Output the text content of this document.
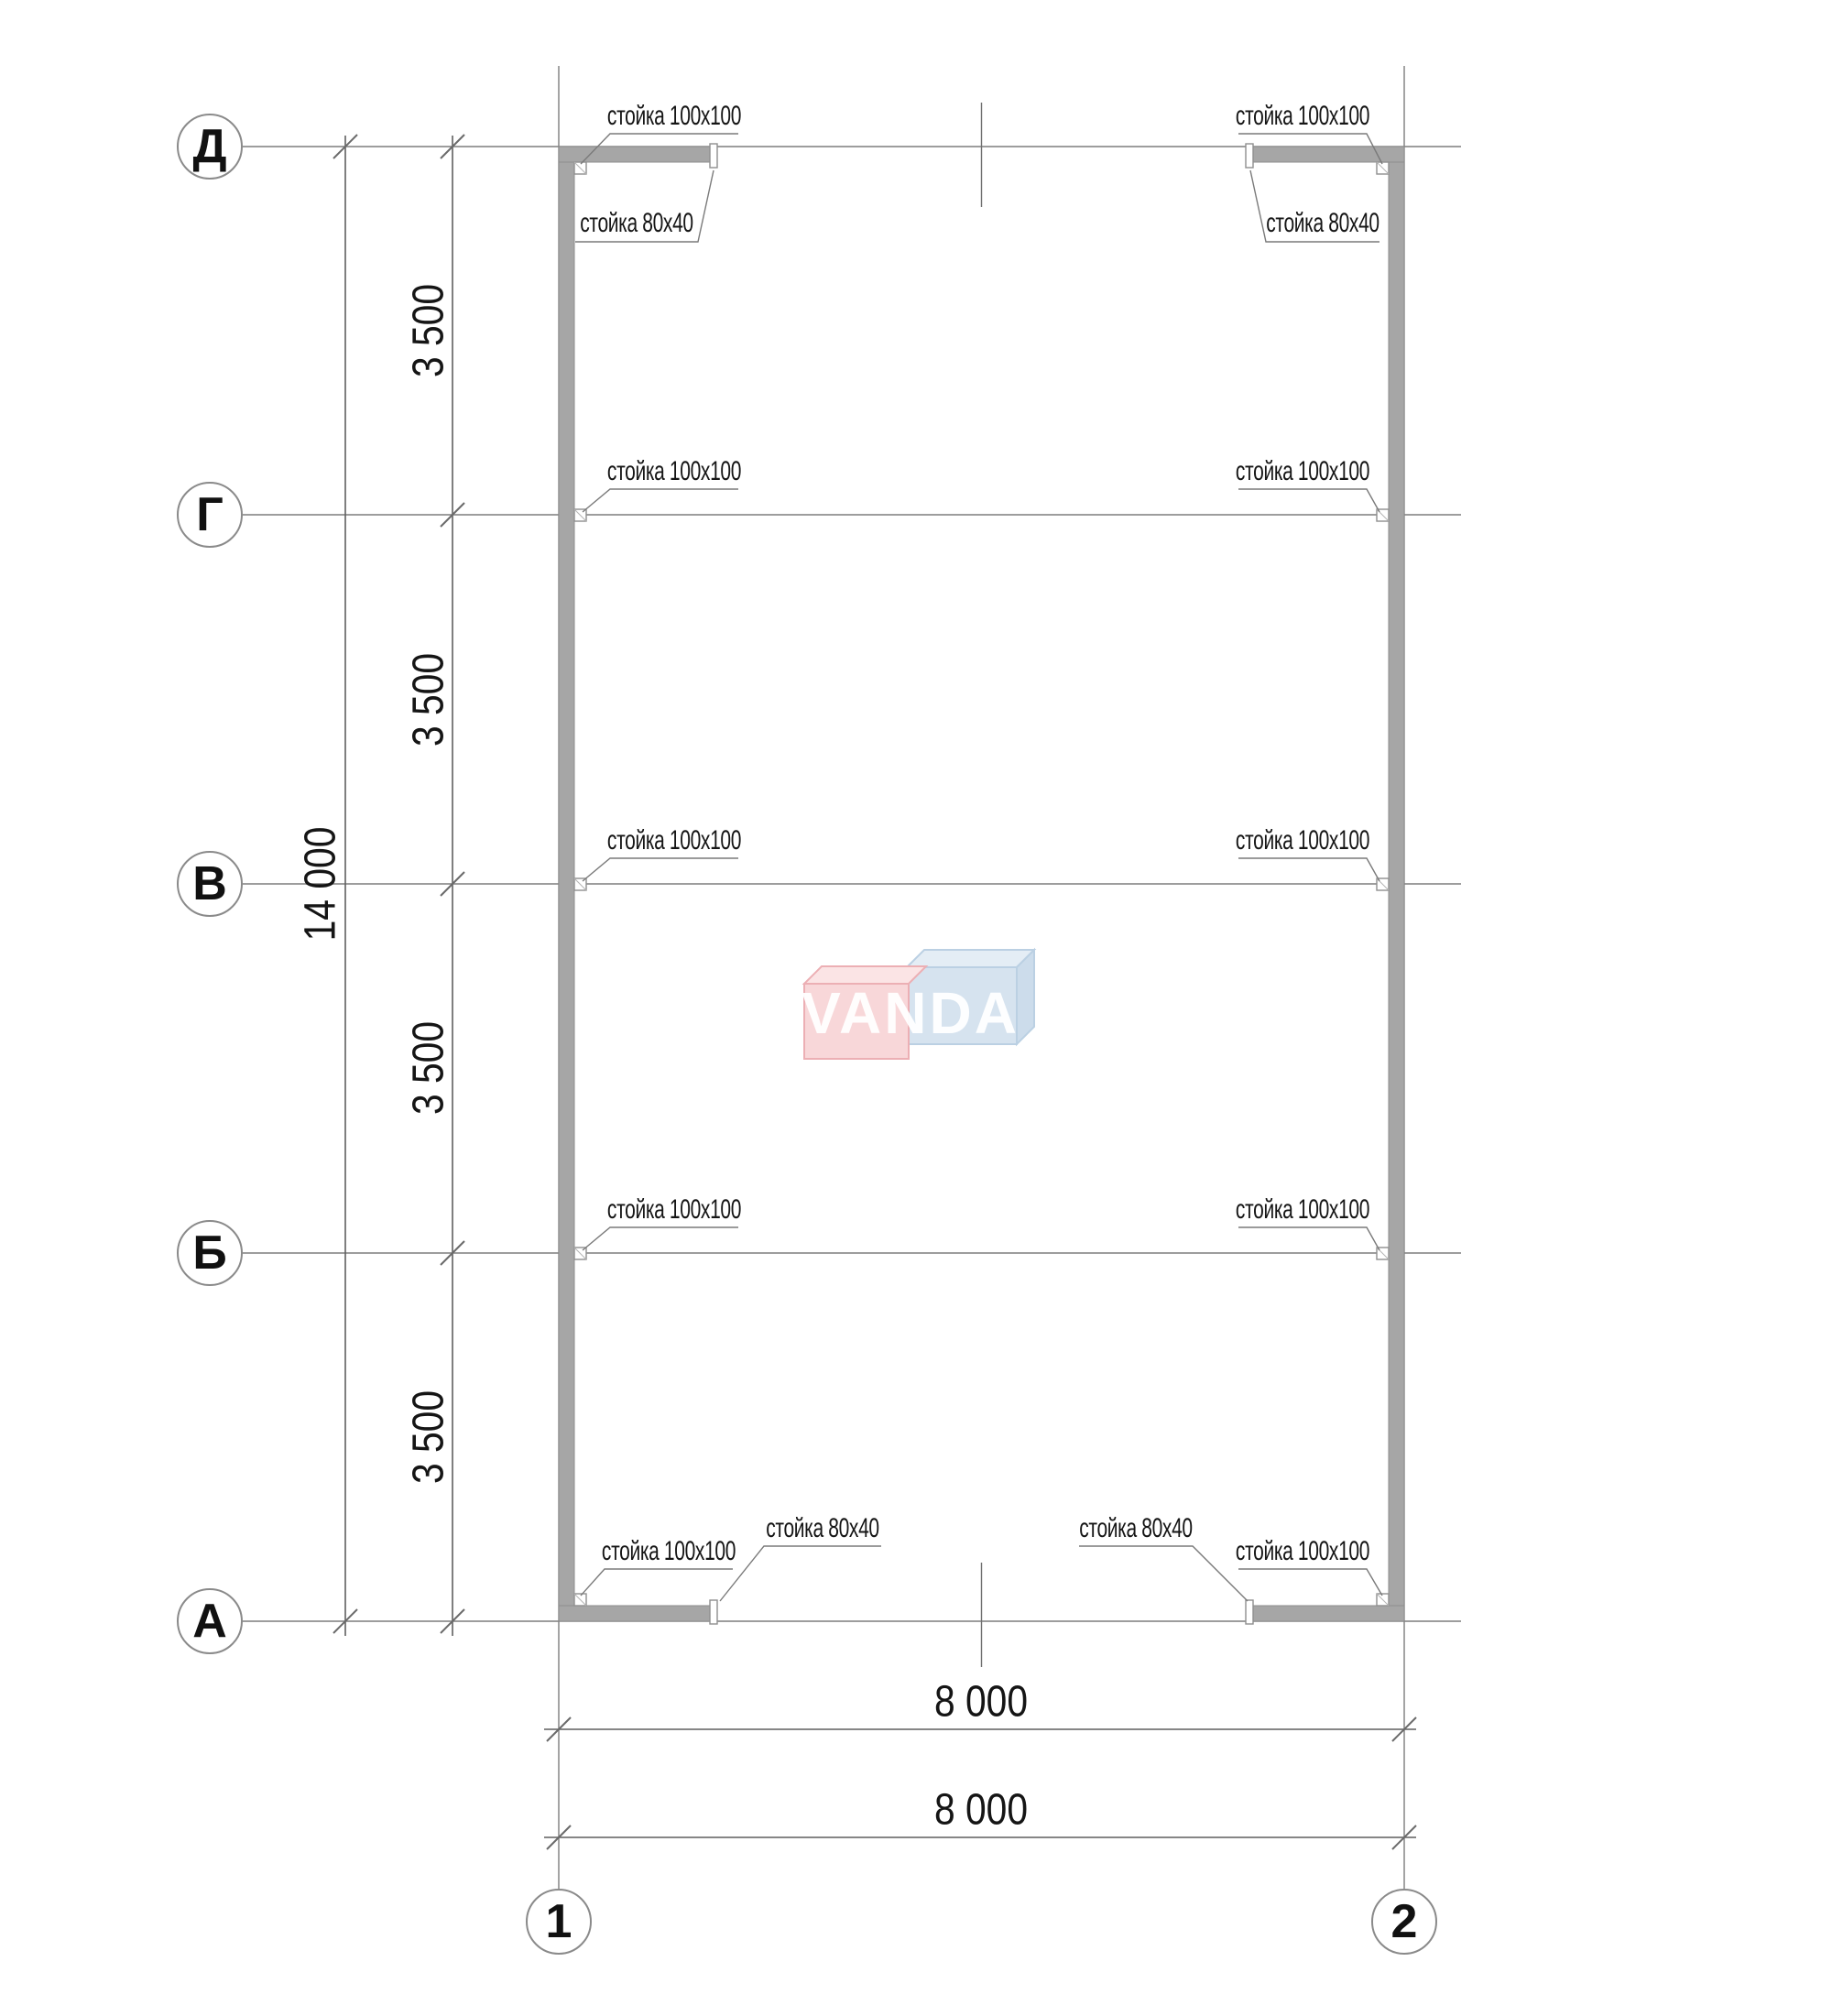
VANDA
Д
Г
В
Б
А
1	2
14 000
3 500
3 500
3 500
3 500
8 000
8 000
стойка 100x100
стойка 80x40
стойка 100x100
стойка 80x40
стойка 100x100	стойка 100x100
стойка 100x100	стойка 100x100
стойка 100x100	стойка 100x100
стойка 100x100
стойка 80x40	стойка 80x40
стойка 100x100
